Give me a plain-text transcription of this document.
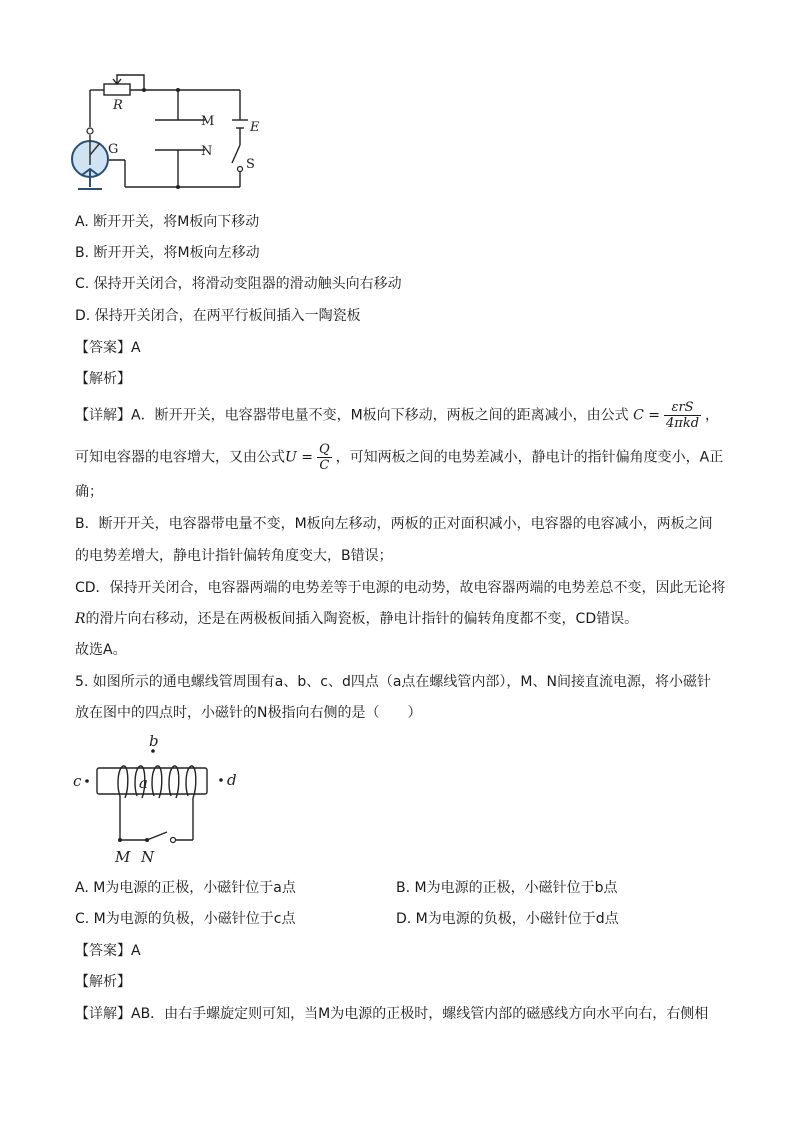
R
M
N
E
G
S
A. 断开开关，将M板向下移动
B. 断开开关，将M板向左移动
C. 保持开关闭合，将滑动变阻器的滑动触头向右移动
D. 保持开关闭合，在两平行板间插入一陶瓷板
【答案】A
【解析】
【详解】A．断开开关，电容器带电量不变，M板向下移动，两板之间的距离减小，由公式 $C = \frac{\text{εrS}}{\text{4πkd}}$ ，
可知电容器的电容增大，又由公式$U = \frac{Q}{C}$ ，可知两板之间的电势差减小，静电计的指针偏角度变小，A正
确；
B．断开开关，电容器带电量不变，M板向左移动，两板的正对面积减小，电容器的电容减小，两板之间
的电势差增大，静电计指针偏转角度变大，B错误；
CD．保持开关闭合，电容器两端的电势差等于电源的电动势，故电容器两端的电势差总不变，因此无论将
R的滑片向右移动，还是在两极板间插入陶瓷板，静电计指针的偏转角度都不变，CD错误。
故选A。
5. 如图所示的通电螺线管周围有a、b、c、d四点（a点在螺线管内部），M、N间接直流电源，将小磁针
放在图中的四点时，小磁针的N极指向右侧的是（　　）
b
c	a	d
M N
A. M为电源的正极，小磁针位于a点	B. M为电源的正极，小磁针位于b点
C. M为电源的负极，小磁针位于c点	D. M为电源的负极，小磁针位于d点
【答案】A
【解析】
【详解】AB．由右手螺旋定则可知，当M为电源的正极时，螺线管内部的磁感线方向水平向右，右侧相
